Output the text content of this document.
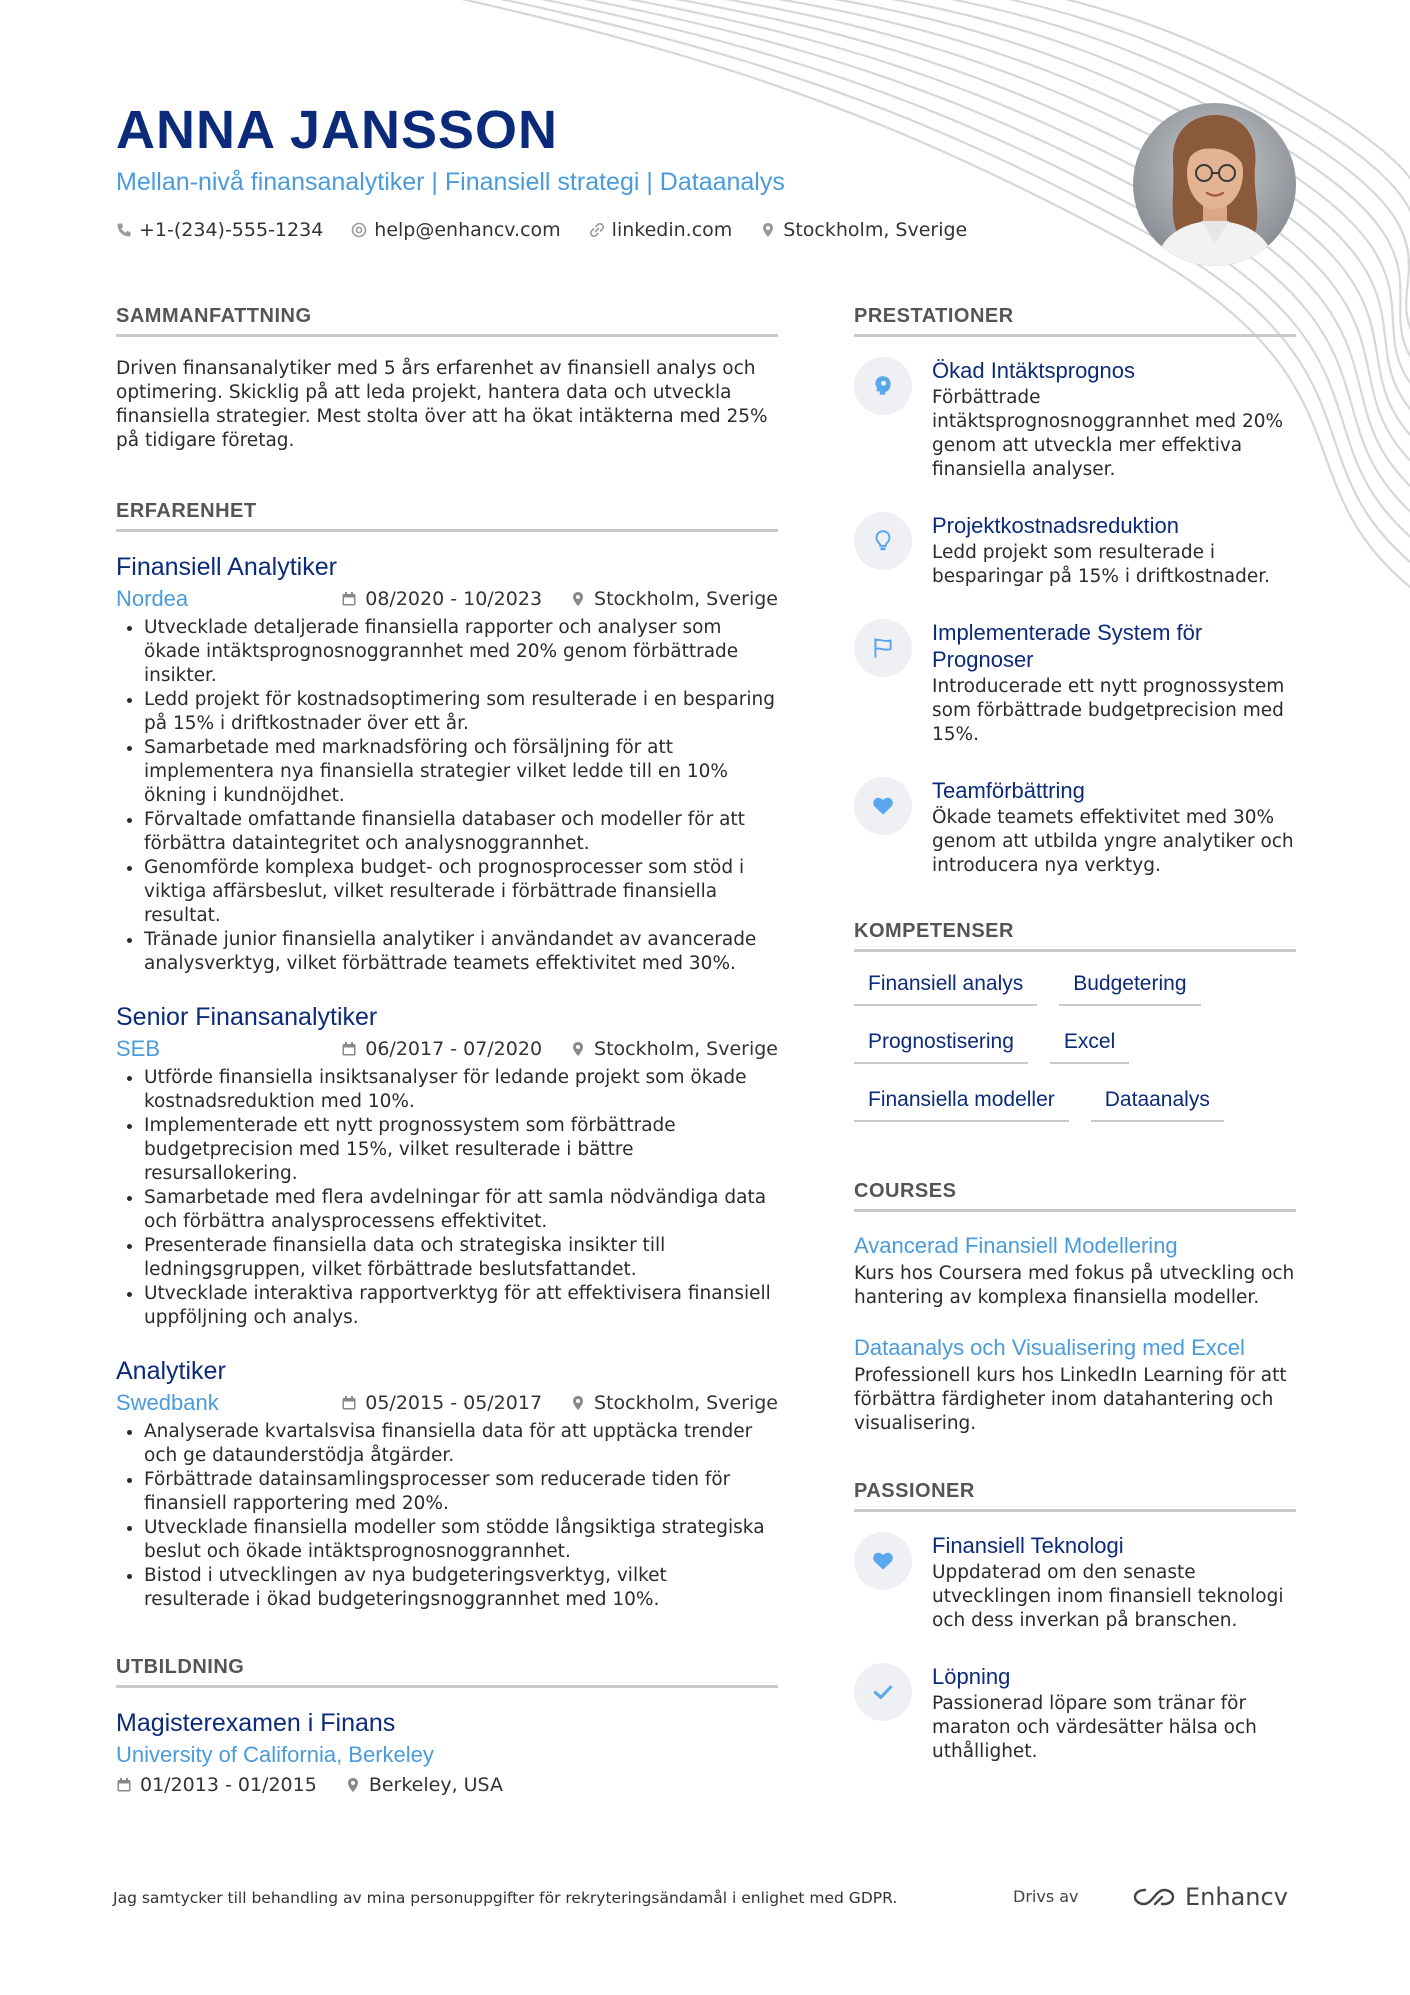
ANNA JANSSON
Mellan-nivå finansanalytiker | Finansiell strategi | Dataanalys
+1-(234)-555-1234	help@enhancv.com	linkedin.com	Stockholm, Sverige
SAMMANFATTNING
Driven finansanalytiker med 5 års erfarenhet av finansiell analys och optimering. Skicklig på att leda projekt, hantera data och utveckla finansiella strategier. Mest stolta över att ha ökat intäkterna med 25% på tidigare företag.
ERFARENHET
Finansiell Analytiker
Nordea	08/2020 - 10/2023	Stockholm, Sverige
• Utvecklade detaljerade finansiella rapporter och analyser som ökade intäktsprognosnoggrannhet med 20% genom förbättrade insikter.
• Ledd projekt för kostnadsoptimering som resulterade i en besparing på 15% i driftkostnader över ett år.
• Samarbetade med marknadsföring och försäljning för att implementera nya finansiella strategier vilket ledde till en 10% ökning i kundnöjdhet.
• Förvaltade omfattande finansiella databaser och modeller för att förbättra dataintegritet och analysnoggrannhet.
• Genomförde komplexa budget- och prognosprocesser som stöd i viktiga affärsbeslut, vilket resulterade i förbättrade finansiella resultat.
• Tränade junior finansiella analytiker i användandet av avancerade analysverktyg, vilket förbättrade teamets effektivitet med 30%.
Senior Finansanalytiker
SEB	06/2017 - 07/2020	Stockholm, Sverige
• Utförde finansiella insiktsanalyser för ledande projekt som ökade kostnadsreduktion med 10%.
• Implementerade ett nytt prognossystem som förbättrade budgetprecision med 15%, vilket resulterade i bättre resursallokering.
• Samarbetade med flera avdelningar för att samla nödvändiga data och förbättra analysprocessens effektivitet.
• Presenterade finansiella data och strategiska insikter till ledningsgruppen, vilket förbättrade beslutsfattandet.
• Utvecklade interaktiva rapportverktyg för att effektivisera finansiell uppföljning och analys.
Analytiker
Swedbank	05/2015 - 05/2017	Stockholm, Sverige
• Analyserade kvartalsvisa finansiella data för att upptäcka trender och ge dataunderstödja åtgärder.
• Förbättrade datainsamlingsprocesser som reducerade tiden för finansiell rapportering med 20%.
• Utvecklade finansiella modeller som stödde långsiktiga strategiska beslut och ökade intäktsprognosnoggrannhet.
• Bistod i utvecklingen av nya budgeteringsverktyg, vilket resulterade i ökad budgeteringsnoggrannhet med 10%.
UTBILDNING
Magisterexamen i Finans
University of California, Berkeley
01/2013 - 01/2015	Berkeley, USA
PRESTATIONER
Ökad Intäktsprognos
Förbättrade intäktsprognosnoggrannhet med 20% genom att utveckla mer effektiva finansiella analyser.
Projektkostnadsreduktion
Ledd projekt som resulterade i besparingar på 15% i driftkostnader.
Implementerade System för Prognoser
Introducerade ett nytt prognossystem som förbättrade budgetprecision med 15%.
Teamförbättring
Ökade teamets effektivitet med 30% genom att utbilda yngre analytiker och introducera nya verktyg.
KOMPETENSER
Finansiell analys	Budgetering
Prognostisering	Excel
Finansiella modeller	Dataanalys
COURSES
Avancerad Finansiell Modellering
Kurs hos Coursera med fokus på utveckling och hantering av komplexa finansiella modeller.
Dataanalys och Visualisering med Excel
Professionell kurs hos LinkedIn Learning för att förbättra färdigheter inom datahantering och visualisering.
PASSIONER
Finansiell Teknologi
Uppdaterad om den senaste utvecklingen inom finansiell teknologi och dess inverkan på branschen.
Löpning
Passionerad löpare som tränar för maraton och värdesätter hälsa och uthållighet.
Jag samtycker till behandling av mina personuppgifter för rekryteringsändamål i enlighet med GDPR.	Drivs av	Enhancv
